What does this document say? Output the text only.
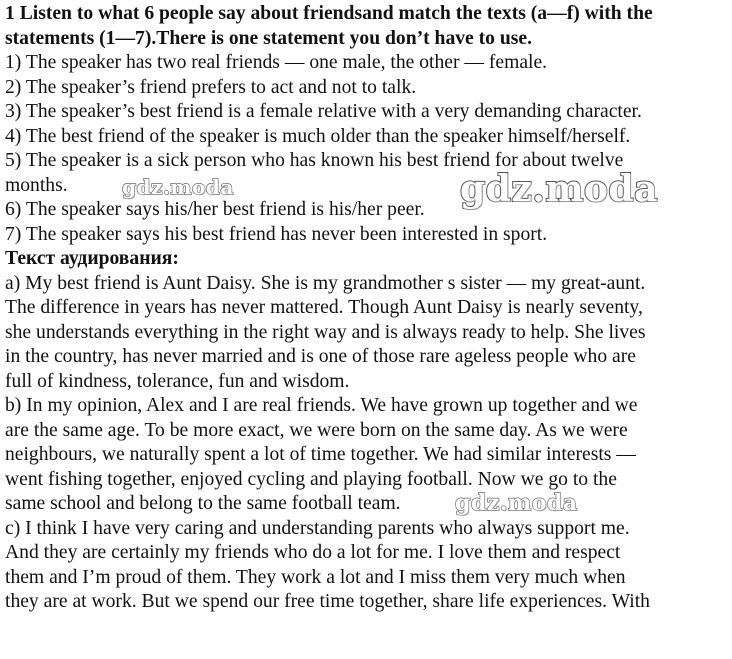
1 Listen to what 6 people say about friendsand match the texts (a—f) with the

statements (1—7).There is one statement you don’t have to use.

1) The speaker has two real friends — one male, the other — female.

2) The speaker’s friend prefers to act and not to talk.

3) The speaker’s best friend is a female relative with a very demanding character.

4) The best friend of the speaker is much older than the speaker himself/herself.

5) The speaker is a sick person who has known his best friend for about twelve

months.

6) The speaker says his/her best friend is his/her peer.

7) The speaker says his best friend has never been interested in sport.

Текст аудирования:

a) My best friend is Aunt Daisy. She is my grandmother s sister — my great-aunt.

The difference in years has never mattered. Though Aunt Daisy is nearly seventy,

she understands everything in the right way and is always ready to help. She lives

in the country, has never married and is one of those rare ageless people who are

full of kindness, tolerance, fun and wisdom.

b) In my opinion, Alex and I are real friends. We have grown up together and we

are the same age. To be more exact, we were born on the same day. As we were

neighbours, we naturally spent a lot of time together. We had similar interests —

went fishing together, enjoyed cycling and playing football. Now we go to the

same school and belong to the same football team.

c) I think I have very caring and understanding parents who always support me.

And they are certainly my friends who do a lot for me. I love them and respect

them and I’m proud of them. They work a lot and I miss them very much when

they are at work. But we spend our free time together, share life experiences. With

gdz.moda	gdz.moda
gdz.moda
